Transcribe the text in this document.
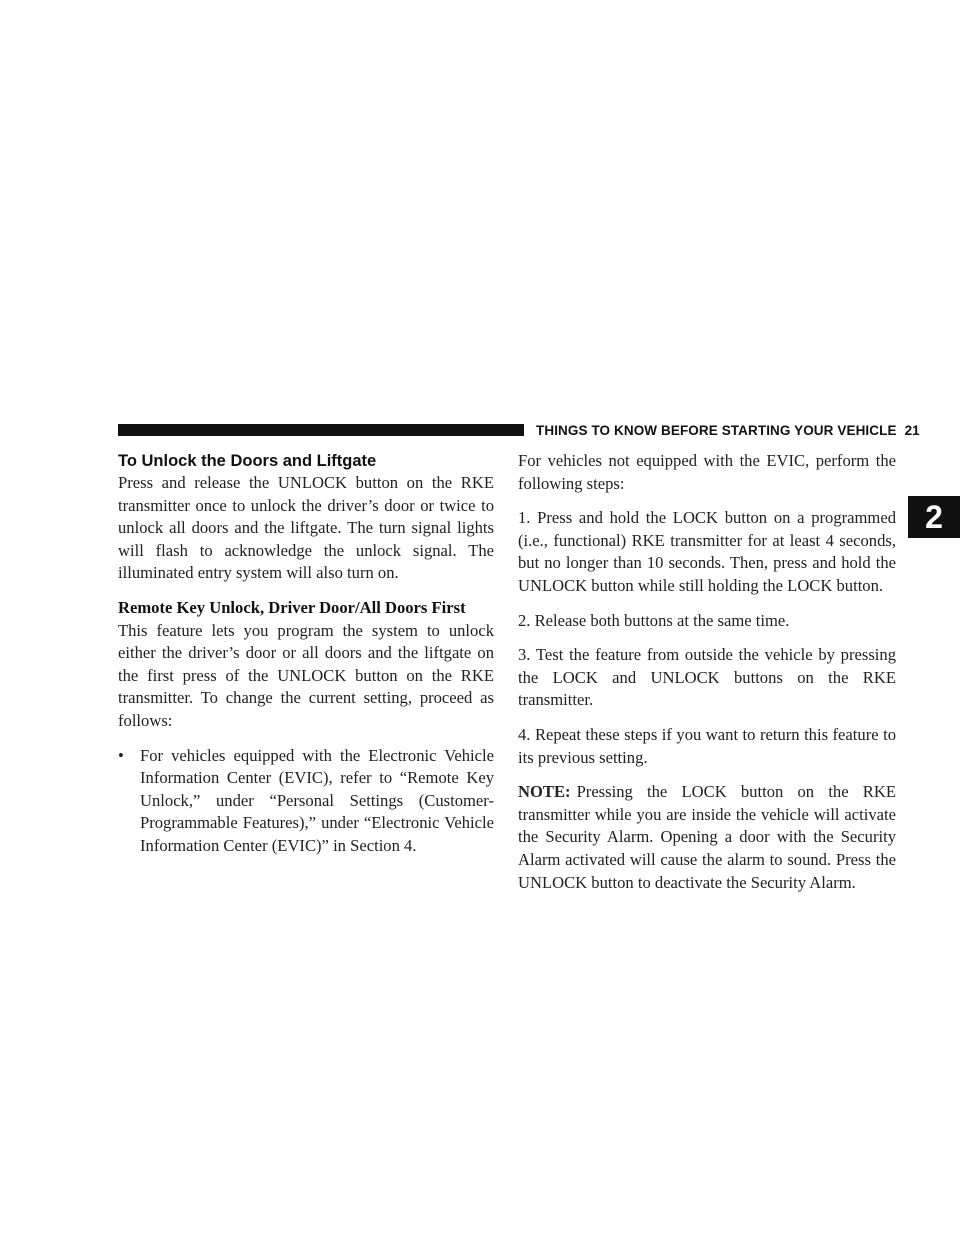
THINGS TO KNOW BEFORE STARTING YOUR VEHICLE 21
2
To Unlock the Doors and Liftgate

Press and release the UNLOCK button on the RKE transmitter once to unlock the driver’s door or twice to unlock all doors and the liftgate. The turn signal lights will flash to acknowledge the unlock signal. The illuminated entry system will also turn on.

Remote Key Unlock, Driver Door/All Doors First

This feature lets you program the system to unlock either the driver’s door or all doors and the liftgate on the first press of the UNLOCK button on the RKE transmitter. To change the current setting, proceed as follows:

• For vehicles equipped with the Electronic Vehicle Information Center (EVIC), refer to “Remote Key Unlock,” under “Personal Settings (Customer-Programmable Features),” under “Electronic Vehicle Information Center (EVIC)” in Section 4.

For vehicles not equipped with the EVIC, perform the following steps:

1. Press and hold the LOCK button on a programmed (i.e., functional) RKE transmitter for at least 4 seconds, but no longer than 10 seconds. Then, press and hold the UNLOCK button while still holding the LOCK button.

2. Release both buttons at the same time.

3. Test the feature from outside the vehicle by pressing the LOCK and UNLOCK buttons on the RKE transmitter.

4. Repeat these steps if you want to return this feature to its previous setting.

NOTE: Pressing the LOCK button on the RKE transmitter while you are inside the vehicle will activate the Security Alarm. Opening a door with the Security Alarm activated will cause the alarm to sound. Press the UNLOCK button to deactivate the Security Alarm.
